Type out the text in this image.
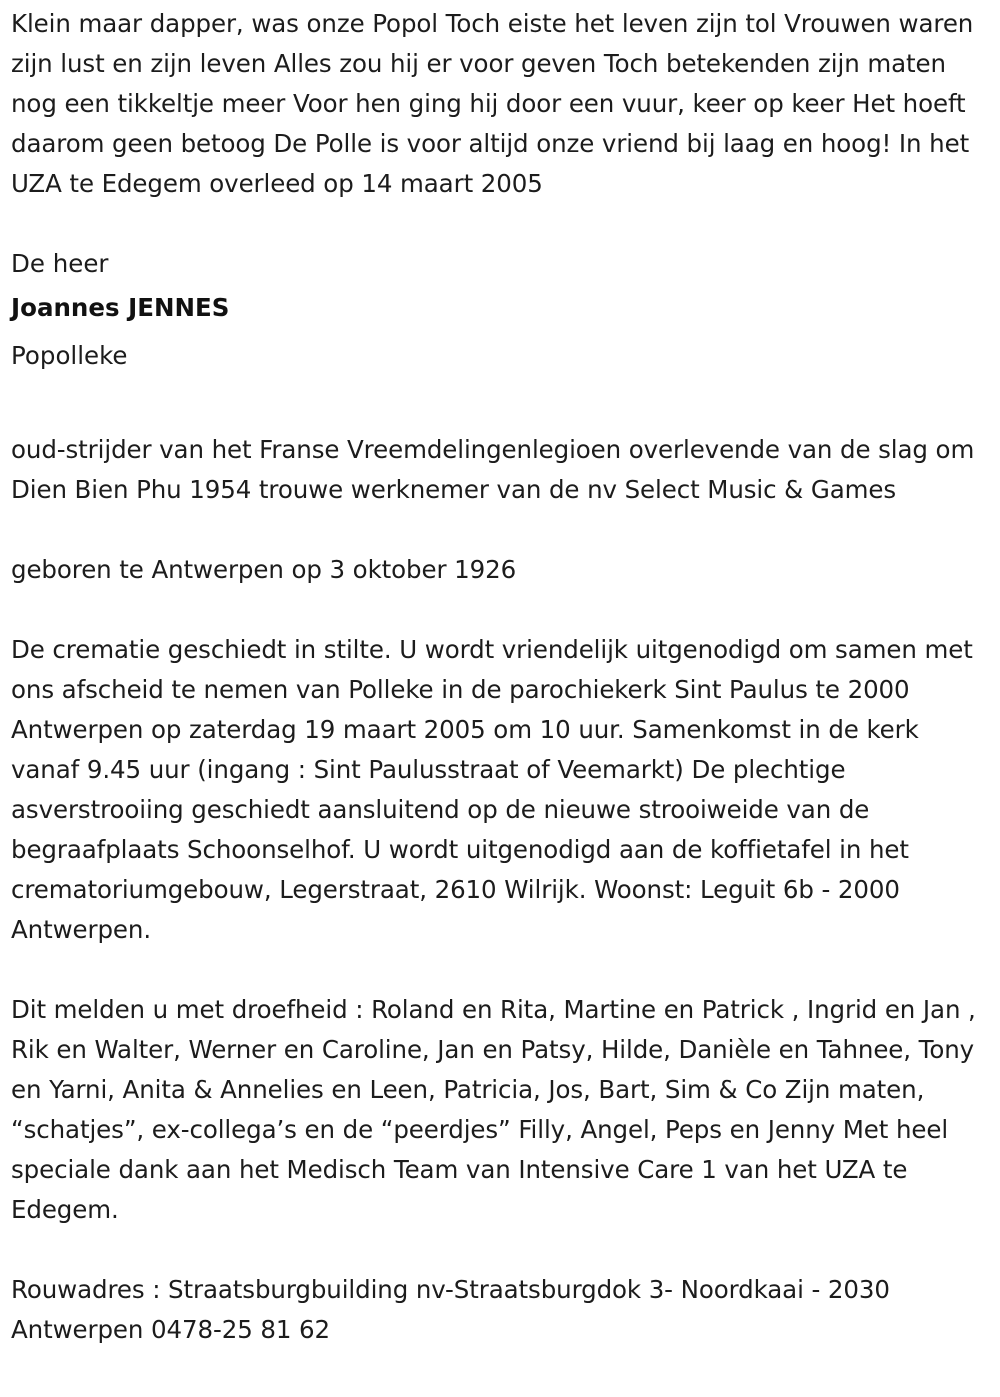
Klein maar dapper, was onze Popol Toch eiste het leven zijn tol Vrouwen waren zijn lust en zijn leven Alles zou hij er voor geven Toch betekenden zijn maten nog een tikkeltje meer Voor hen ging hij door een vuur, keer op keer Het hoeft daarom geen betoog De Polle is voor altijd onze vriend bij laag en hoog! In het UZA te Edegem overleed op 14 maart 2005

De heer

Joannes JENNES

Popolleke

oud-strijder van het Franse Vreemdelingenlegioen overlevende van de slag om Dien Bien Phu 1954 trouwe werknemer van de nv Select Music & Games

geboren te Antwerpen op 3 oktober 1926

De crematie geschiedt in stilte. U wordt vriendelijk uitgenodigd om samen met ons afscheid te nemen van Polleke in de parochiekerk Sint Paulus te 2000 Antwerpen op zaterdag 19 maart 2005 om 10 uur. Samenkomst in de kerk vanaf 9.45 uur (ingang : Sint Paulusstraat of Veemarkt) De plechtige asverstrooiing geschiedt aansluitend op de nieuwe strooiweide van de begraafplaats Schoonselhof. U wordt uitgenodigd aan de koffietafel in het crematoriumgebouw, Legerstraat, 2610 Wilrijk. Woonst: Leguit 6b - 2000 Antwerpen.

Dit melden u met droefheid : Roland en Rita, Martine en Patrick , Ingrid en Jan , Rik en Walter, Werner en Caroline, Jan en Patsy, Hilde, Danièle en Tahnee, Tony en Yarni, Anita & Annelies en Leen, Patricia, Jos, Bart, Sim & Co Zijn maten, “schatjes”, ex-collega’s en de “peerdjes” Filly, Angel, Peps en Jenny Met heel speciale dank aan het Medisch Team van Intensive Care 1 van het UZA te Edegem.

Rouwadres : Straatsburgbuilding nv-Straatsburgdok 3- Noordkaai - 2030 Antwerpen 0478-25 81 62
